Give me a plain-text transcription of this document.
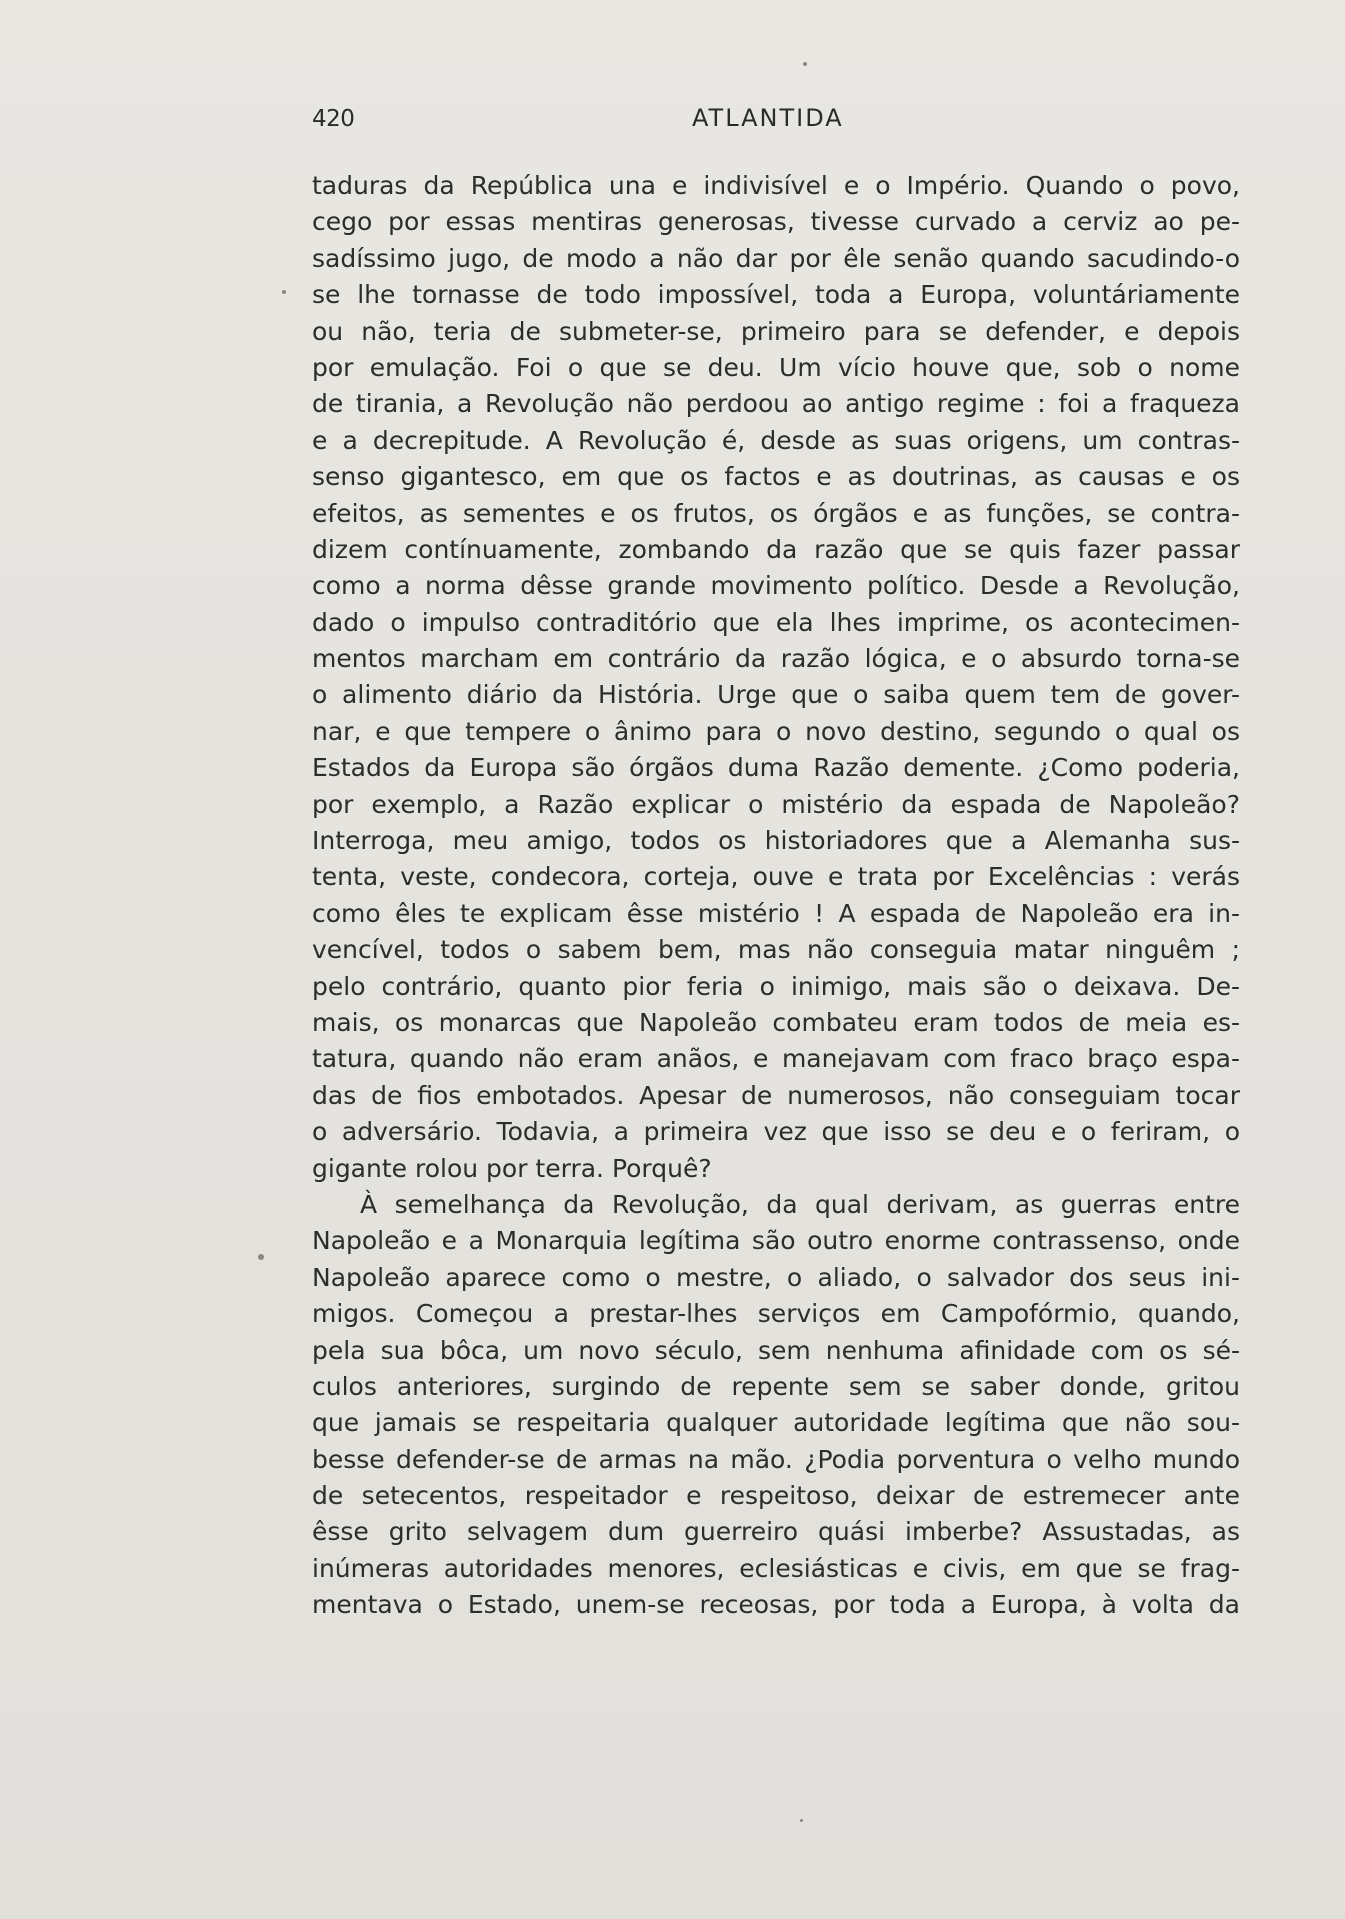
420	ATLANTIDA
taduras da República una e indivisível e o Império. Quando o povo,
cego por essas mentiras generosas, tivesse curvado a cerviz ao pe-
sadíssimo jugo, de modo a não dar por êle senão quando sacudindo-o
se lhe tornasse de todo impossível, toda a Europa, voluntáriamente
ou não, teria de submeter-se, primeiro para se defender, e depois
por emulação. Foi o que se deu. Um vício houve que, sob o nome
de tirania, a Revolução não perdoou ao antigo regime : foi a fraqueza
e a decrepitude. A Revolução é, desde as suas origens, um contras-
senso gigantesco, em que os factos e as doutrinas, as causas e os
efeitos, as sementes e os frutos, os órgãos e as funções, se contra-
dizem contínuamente, zombando da razão que se quis fazer passar
como a norma dêsse grande movimento político. Desde a Revolução,
dado o impulso contraditório que ela lhes imprime, os acontecimen-
mentos marcham em contrário da razão lógica, e o absurdo torna-se
o alimento diário da História. Urge que o saiba quem tem de gover-
nar, e que tempere o ânimo para o novo destino, segundo o qual os
Estados da Europa são órgãos duma Razão demente. ¿Como poderia,
por exemplo, a Razão explicar o mistério da espada de Napoleão?
Interroga, meu amigo, todos os historiadores que a Alemanha sus-
tenta, veste, condecora, corteja, ouve e trata por Excelências : verás
como êles te explicam êsse mistério ! A espada de Napoleão era in-
vencível, todos o sabem bem, mas não conseguia matar ninguêm ;
pelo contrário, quanto pior feria o inimigo, mais são o deixava. De-
mais, os monarcas que Napoleão combateu eram todos de meia es-
tatura, quando não eram anãos, e manejavam com fraco braço espa-
das de fios embotados. Apesar de numerosos, não conseguiam tocar
o adversário. Todavia, a primeira vez que isso se deu e o feriram, o
gigante rolou por terra. Porquê?
À semelhança da Revolução, da qual derivam, as guerras entre
Napoleão e a Monarquia legítima são outro enorme contrassenso, onde
Napoleão aparece como o mestre, o aliado, o salvador dos seus ini-
migos. Começou a prestar-lhes serviços em Campofórmio, quando,
pela sua bôca, um novo século, sem nenhuma afinidade com os sé-
culos anteriores, surgindo de repente sem se saber donde, gritou
que jamais se respeitaria qualquer autoridade legítima que não sou-
besse defender-se de armas na mão. ¿Podia porventura o velho mundo
de setecentos, respeitador e respeitoso, deixar de estremecer ante
êsse grito selvagem dum guerreiro quási imberbe? Assustadas, as
inúmeras autoridades menores, eclesiásticas e civis, em que se frag-
mentava o Estado, unem-se receosas, por toda a Europa, à volta da
